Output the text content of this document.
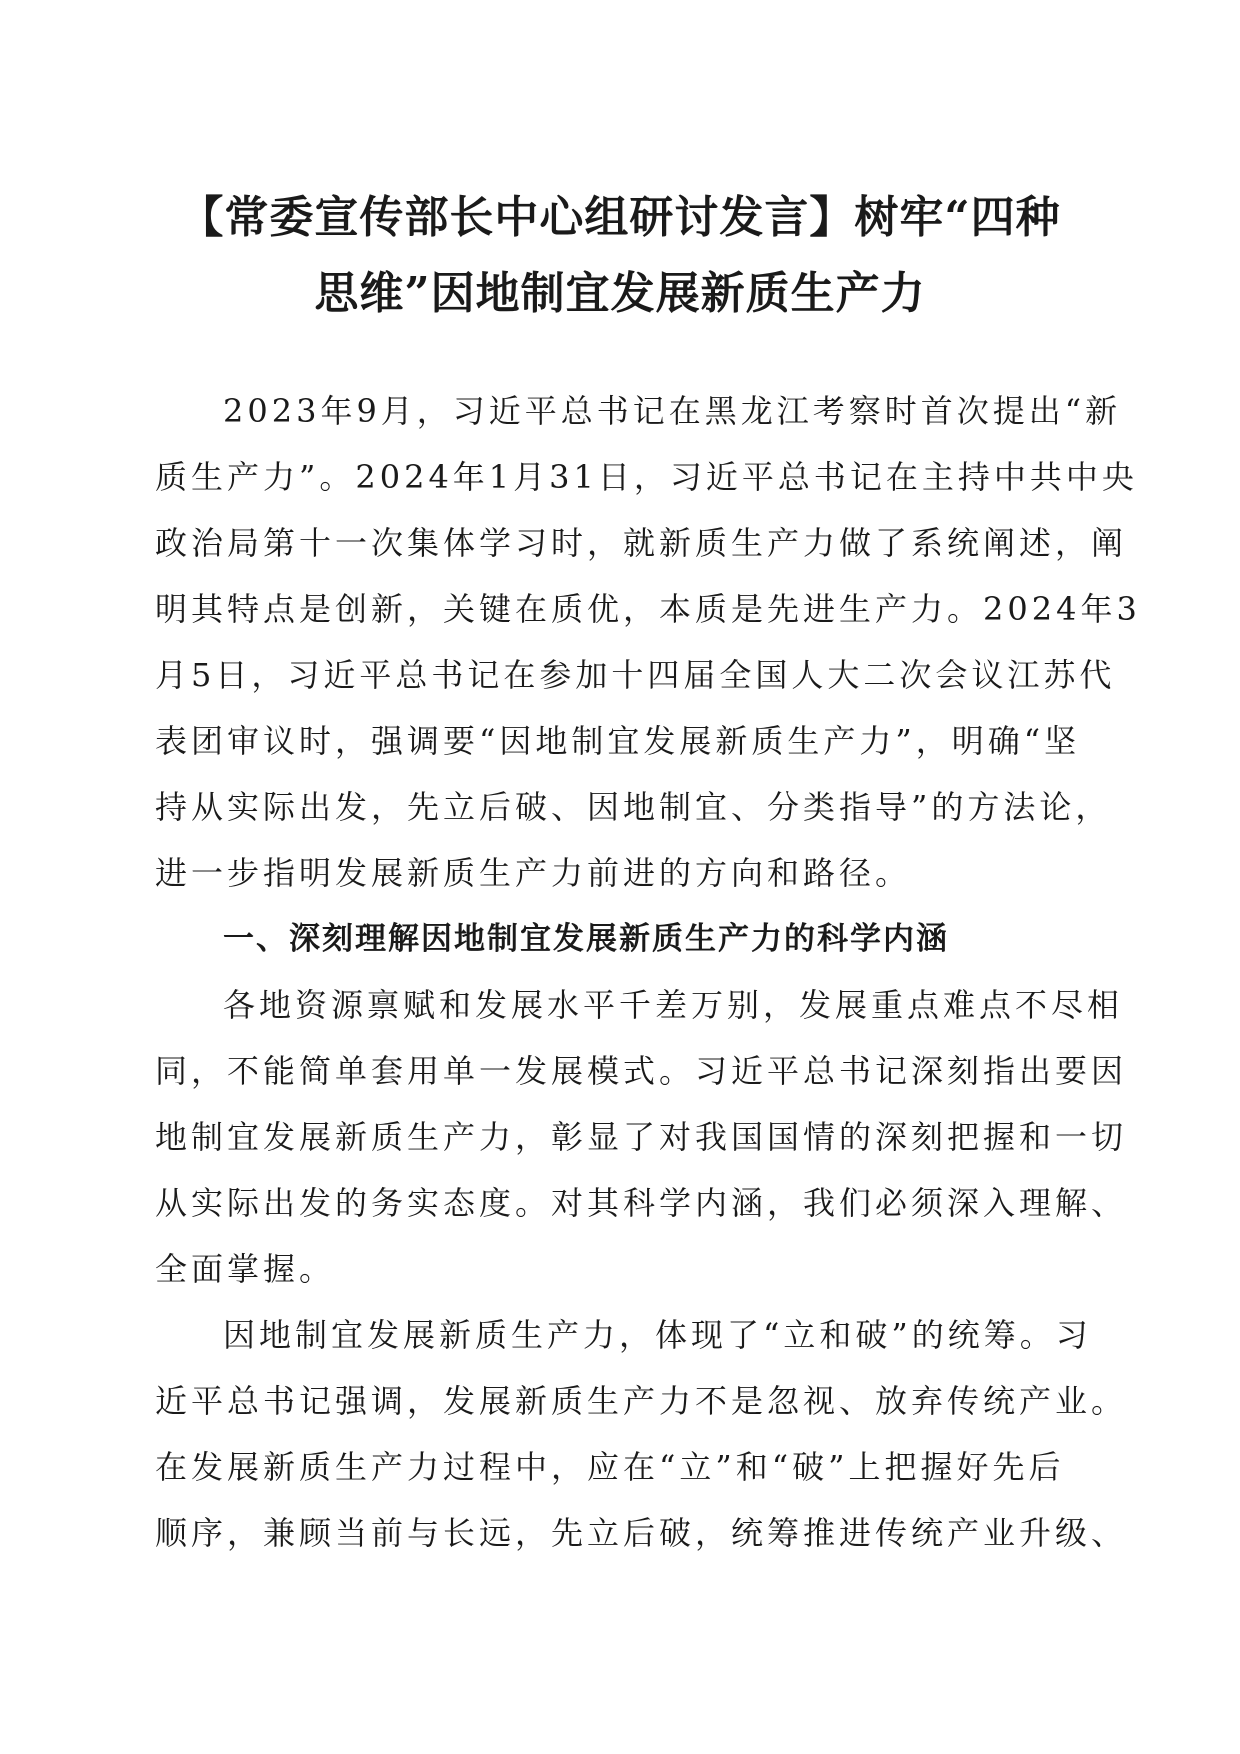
【常委宣传部长中心组研讨发言】树牢“四种
思维”因地制宜发展新质生产力

2023年9月，习近平总书记在黑龙江考察时首次提出“新
质生产力”。2024年1月31日，习近平总书记在主持中共中央
政治局第十一次集体学习时，就新质生产力做了系统阐述，阐
明其特点是创新，关键在质优，本质是先进生产力。2024年3
月5日，习近平总书记在参加十四届全国人大二次会议江苏代
表团审议时，强调要“因地制宜发展新质生产力”，明确“坚
持从实际出发，先立后破、因地制宜、分类指导”的方法论，
进一步指明发展新质生产力前进的方向和路径。

一、深刻理解因地制宜发展新质生产力的科学内涵

各地资源禀赋和发展水平千差万别，发展重点难点不尽相
同，不能简单套用单一发展模式。习近平总书记深刻指出要因
地制宜发展新质生产力，彰显了对我国国情的深刻把握和一切
从实际出发的务实态度。对其科学内涵，我们必须深入理解、
全面掌握。

因地制宜发展新质生产力，体现了“立和破”的统筹。习
近平总书记强调，发展新质生产力不是忽视、放弃传统产业。
在发展新质生产力过程中，应在“立”和“破”上把握好先后
顺序，兼顾当前与长远，先立后破，统筹推进传统产业升级、
